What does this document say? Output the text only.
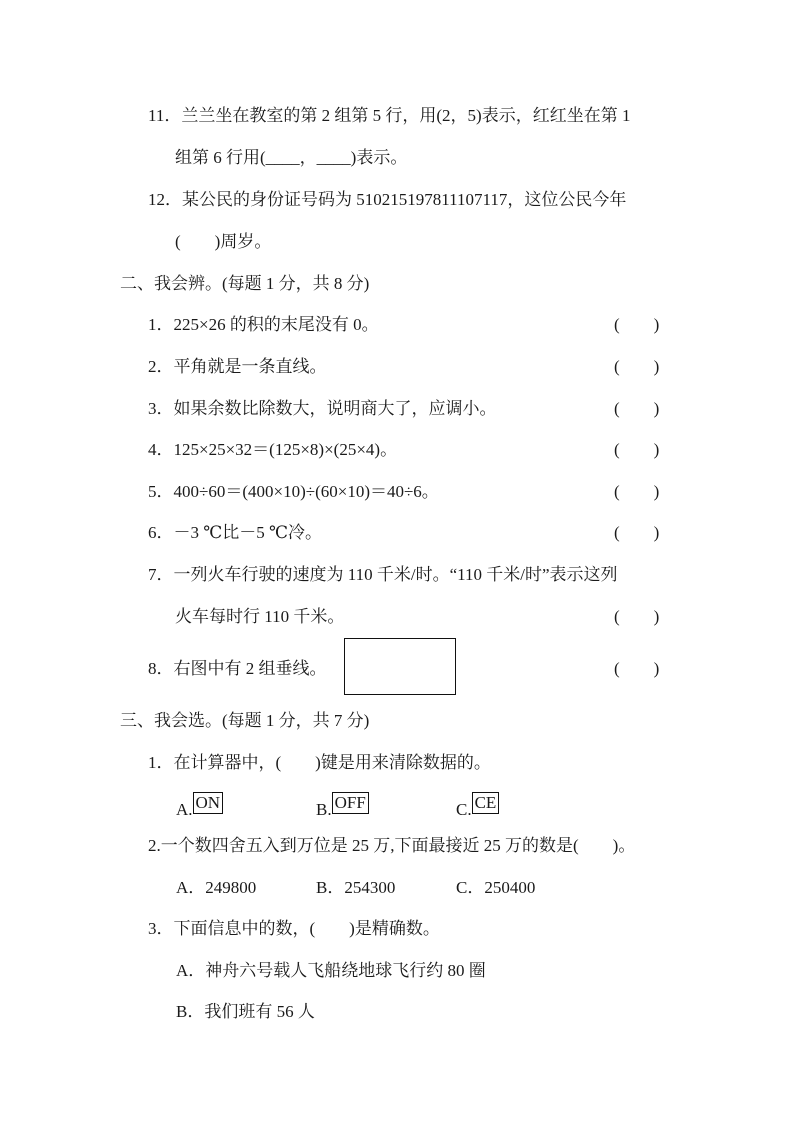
11．兰兰坐在教室的第 2 组第 5 行，用(2，5)表示，红红坐在第 1
组第 6 行用(____，____)表示。
12．某公民的身份证号码为 510215197811107117，这位公民今年
(　　)周岁。
二、我会辨。(每题 1 分，共 8 分)
1．225×26 的积的末尾没有 0。	(　　)
2．平角就是一条直线。	(　　)
3．如果余数比除数大，说明商大了，应调小。	(　　)
4．125×25×32＝(125×8)×(25×4)。	(　　)
5．400÷60＝(400×10)÷(60×10)＝40÷6。	(　　)
6．－3 ℃比－5 ℃冷。	(　　)
7．一列火车行驶的速度为 110 千米/时。“110 千米/时”表示这列
火车每时行 110 千米。	(　　)
8．右图中有 2 组垂线。	(　　)
三、我会选。(每题 1 分，共 7 分)
1．在计算器中，(　　)键是用来清除数据的。
A. ON	B. OFF	C. CE
2.一个数四舍五入到万位是 25 万,下面最接近 25 万的数是(　　)。
A．249800	B．254300	C．250400
3．下面信息中的数，(　　)是精确数。
A．神舟六号载人飞船绕地球飞行约 80 圈
B．我们班有 56 人
